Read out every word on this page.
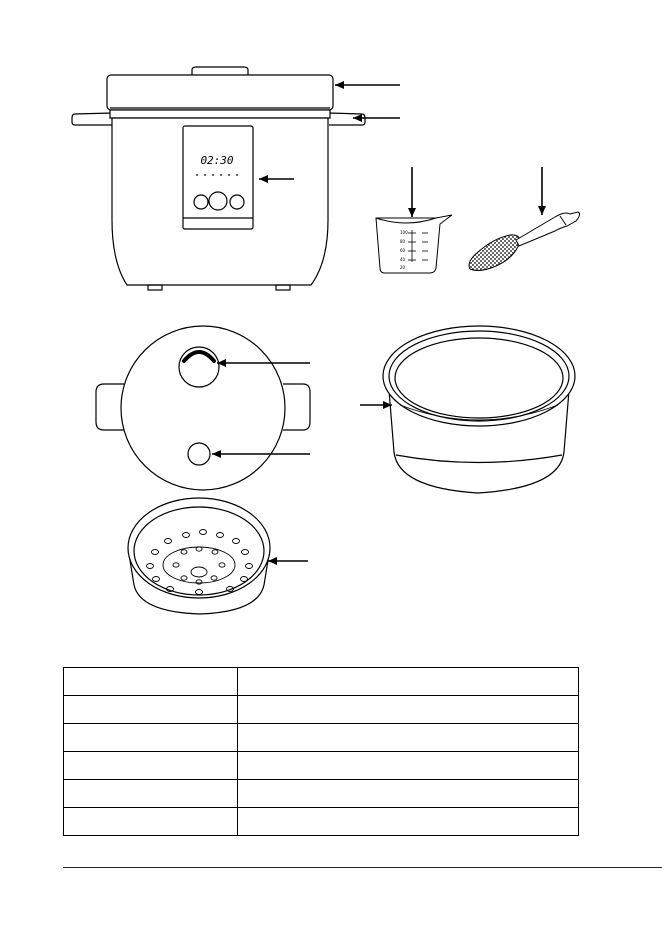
02:30
100
80
60
40
20
